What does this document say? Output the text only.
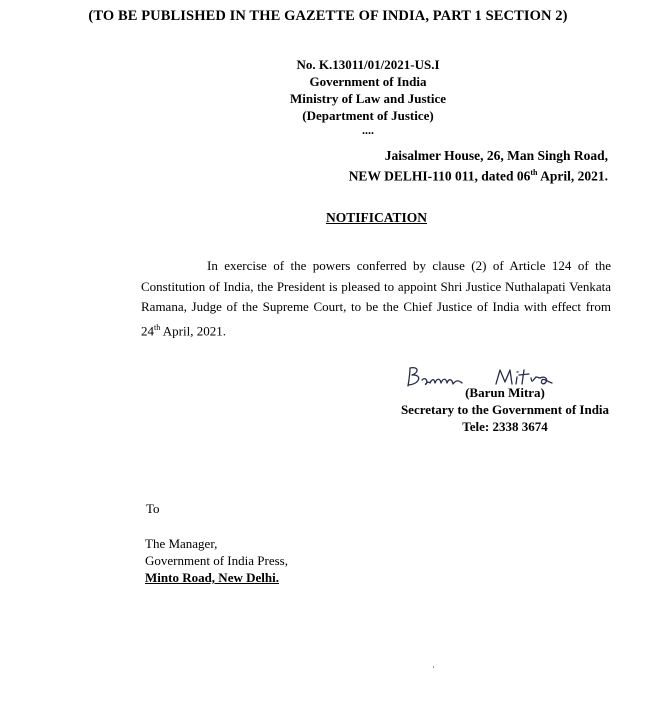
(TO BE PUBLISHED IN THE GAZETTE OF INDIA, PART 1 SECTION 2)
No. K.13011/01/2021-US.I
Government of India
Ministry of Law and Justice
(Department of Justice)
....
Jaisalmer House, 26, Man Singh Road,
NEW DELHI-110 011, dated 06th April, 2021.
NOTIFICATION

In exercise of the powers conferred by clause (2) of Article 124 of the Constitution of India, the President is pleased to appoint Shri Justice Nuthalapati Venkata Ramana, Judge of the Supreme Court, to be the Chief Justice of India with effect from 24th April, 2021.

(Barun Mitra)
Secretary to the Government of India
Tele: 2338 3674
To
The Manager,
Government of India Press,
Minto Road, New Delhi.
